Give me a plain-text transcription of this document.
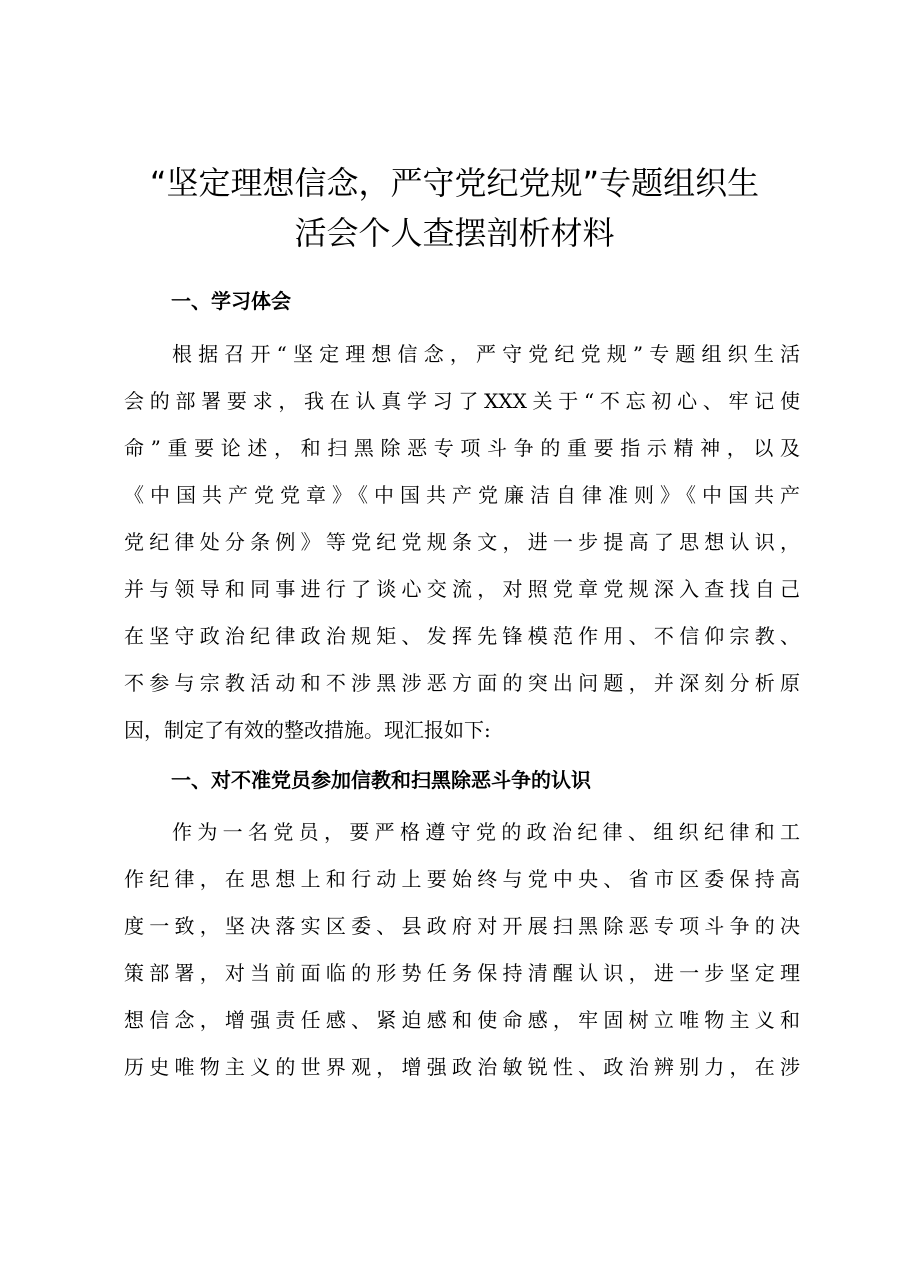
“坚定理想信念，严守党纪党规”专题组织生
活会个人查摆剖析材料
一、学习体会
根据召开“坚定理想信念，严守党纪党规”专题组织生活
会的部署要求，我在认真学习了XXX关于“不忘初心、牢记使
命”重要论述，和扫黑除恶专项斗争的重要指示精神，以及
《中国共产党党章》《中国共产党廉洁自律准则》《中国共产
党纪律处分条例》等党纪党规条文，进一步提高了思想认识，
并与领导和同事进行了谈心交流，对照党章党规深入查找自己
在坚守政治纪律政治规矩、发挥先锋模范作用、不信仰宗教、
不参与宗教活动和不涉黑涉恶方面的突出问题，并深刻分析原
因，制定了有效的整改措施。现汇报如下:
一、对不准党员参加信教和扫黑除恶斗争的认识
作为一名党员，要严格遵守党的政治纪律、组织纪律和工
作纪律，在思想上和行动上要始终与党中央、省市区委保持高
度一致，坚决落实区委、县政府对开展扫黑除恶专项斗争的决
策部署，对当前面临的形势任务保持清醒认识，进一步坚定理
想信念，增强责任感、紧迫感和使命感，牢固树立唯物主义和
历史唯物主义的世界观，增强政治敏锐性、政治辨别力，在涉
